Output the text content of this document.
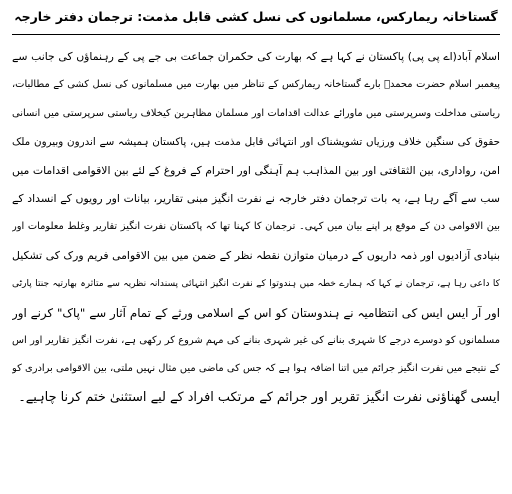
گستاخانہ ریمارکس، مسلمانوں کی نسل کشی قابل مذمت: ترجمان دفتر خارجہ
اسلام آباد(اے پی پی) پاکستان نے کہا ہے کہ بھارت کی حکمران جماعت بی جے پی کے رہنماؤں کی جانب سے
پیغمبر اسلام حضرت محمدؐ بارے گستاخانہ ریمارکس کے تناظر میں بھارت میں مسلمانوں کی نسل کشی کے مطالبات،
ریاستی مداخلت وسرپرستی میں ماورائے عدالت اقدامات اور مسلمان مظاہرین کیخلاف ریاستی سرپرستی میں انسانی
حقوق کی سنگین خلاف ورزیاں تشویشناک اور انتہائی قابل مذمت ہیں، پاکستان ہمیشہ سے اندرون وبیرون ملک
امن، رواداری، بین الثقافتی اور بین المذاہب ہم آہنگی اور احترام کے فروغ کے لئے بین الاقوامی اقدامات میں
سب سے آگے رہا ہے، یہ بات ترجمان دفتر خارجہ نے نفرت انگیز مبنی تقاریر، بیانات اور رویوں کے انسداد کے
بین الاقوامی دن کے موقع پر اپنے بیان میں کہی۔ ترجمان کا کہنا تھا کہ پاکستان نفرت انگیز تقاریر وغلط معلومات اور
بنیادی آزادیوں اور ذمہ داریوں کے درمیان متوازن نقطہ نظر کے ضمن میں بین الاقوامی فریم ورک کی تشکیل
کا داعی رہا ہے، ترجمان نے کہا کہ ہمارے خطہ میں ہندوتوا کے نفرت انگیز انتہائی پسندانہ نظریہ سے متاثرہ بھارتیہ جنتا پارٹی
اور آر ایس ایس کی انتظامیہ نے ہندوستان کو اس کے اسلامی ورثے کے تمام آثار سے "پاک" کرنے اور
مسلمانوں کو دوسرے درجے کا شہری بنانے کی غیر شہری بنانے کی مہم شروع کر رکھی ہے، نفرت انگیز تقاریر اور اس
کے نتیجے میں نفرت انگیز جرائم میں اتنا اضافہ ہوا ہے کہ جس کی ماضی میں مثال نہیں ملتی، بین الاقوامی برادری کو
ایسی گھناؤنی نفرت انگیز تقریر اور جرائم کے مرتکب افراد کے لیے استثنیٰ ختم کرنا چاہیے۔
